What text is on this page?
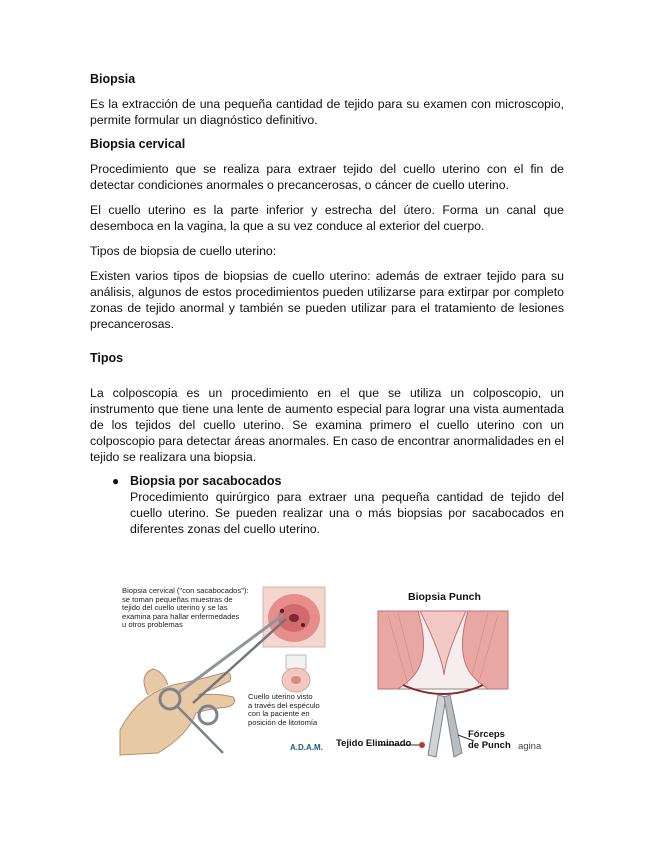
Biopsia

Es la extracción de una pequeña cantidad de tejido para su examen con microscopio, permite formular un diagnóstico definitivo.

Biopsia cervical

Procedimiento que se realiza para extraer tejido del cuello uterino con el fin de detectar condiciones anormales o precancerosas, o cáncer de cuello uterino.

El cuello uterino es la parte inferior y estrecha del útero. Forma un canal que desemboca en la vagina, la que a su vez conduce al exterior del cuerpo.

Tipos de biopsia de cuello uterino:

Existen varios tipos de biopsias de cuello uterino: además de extraer tejido para su análisis, algunos de estos procedimientos pueden utilizarse para extirpar por completo zonas de tejido anormal y también se pueden utilizar para el tratamiento de lesiones precancerosas.

Tipos

La colposcopia es un procedimiento en el que se utiliza un colposcopio, un instrumento que tiene una lente de aumento especial para lograr una vista aumentada de los tejidos del cuello uterino. Se examina primero el cuello uterino con un colposcopio para detectar áreas anormales. En caso de encontrar anormalidades en el tejido se realizara una biopsia.

● Biopsia por sacabocados

Procedimiento quirúrgico para extraer una pequeña cantidad de tejido del cuello uterino. Se pueden realizar una o más biopsias por sacabocados en diferentes zonas del cuello uterino.

Biopsia cervical ("con sacabocados"):
se toman pequeñas muestras de
tejido del cuello uterino y se las
examina para hallar enfermedades
u otros problemas
Cuello uterino visto
a través del espéculo
con la paciente en
posición de litotomía
A.D.A.M.
Biopsia Punch
Tejido Eliminado
Fórceps
de Punch agina
